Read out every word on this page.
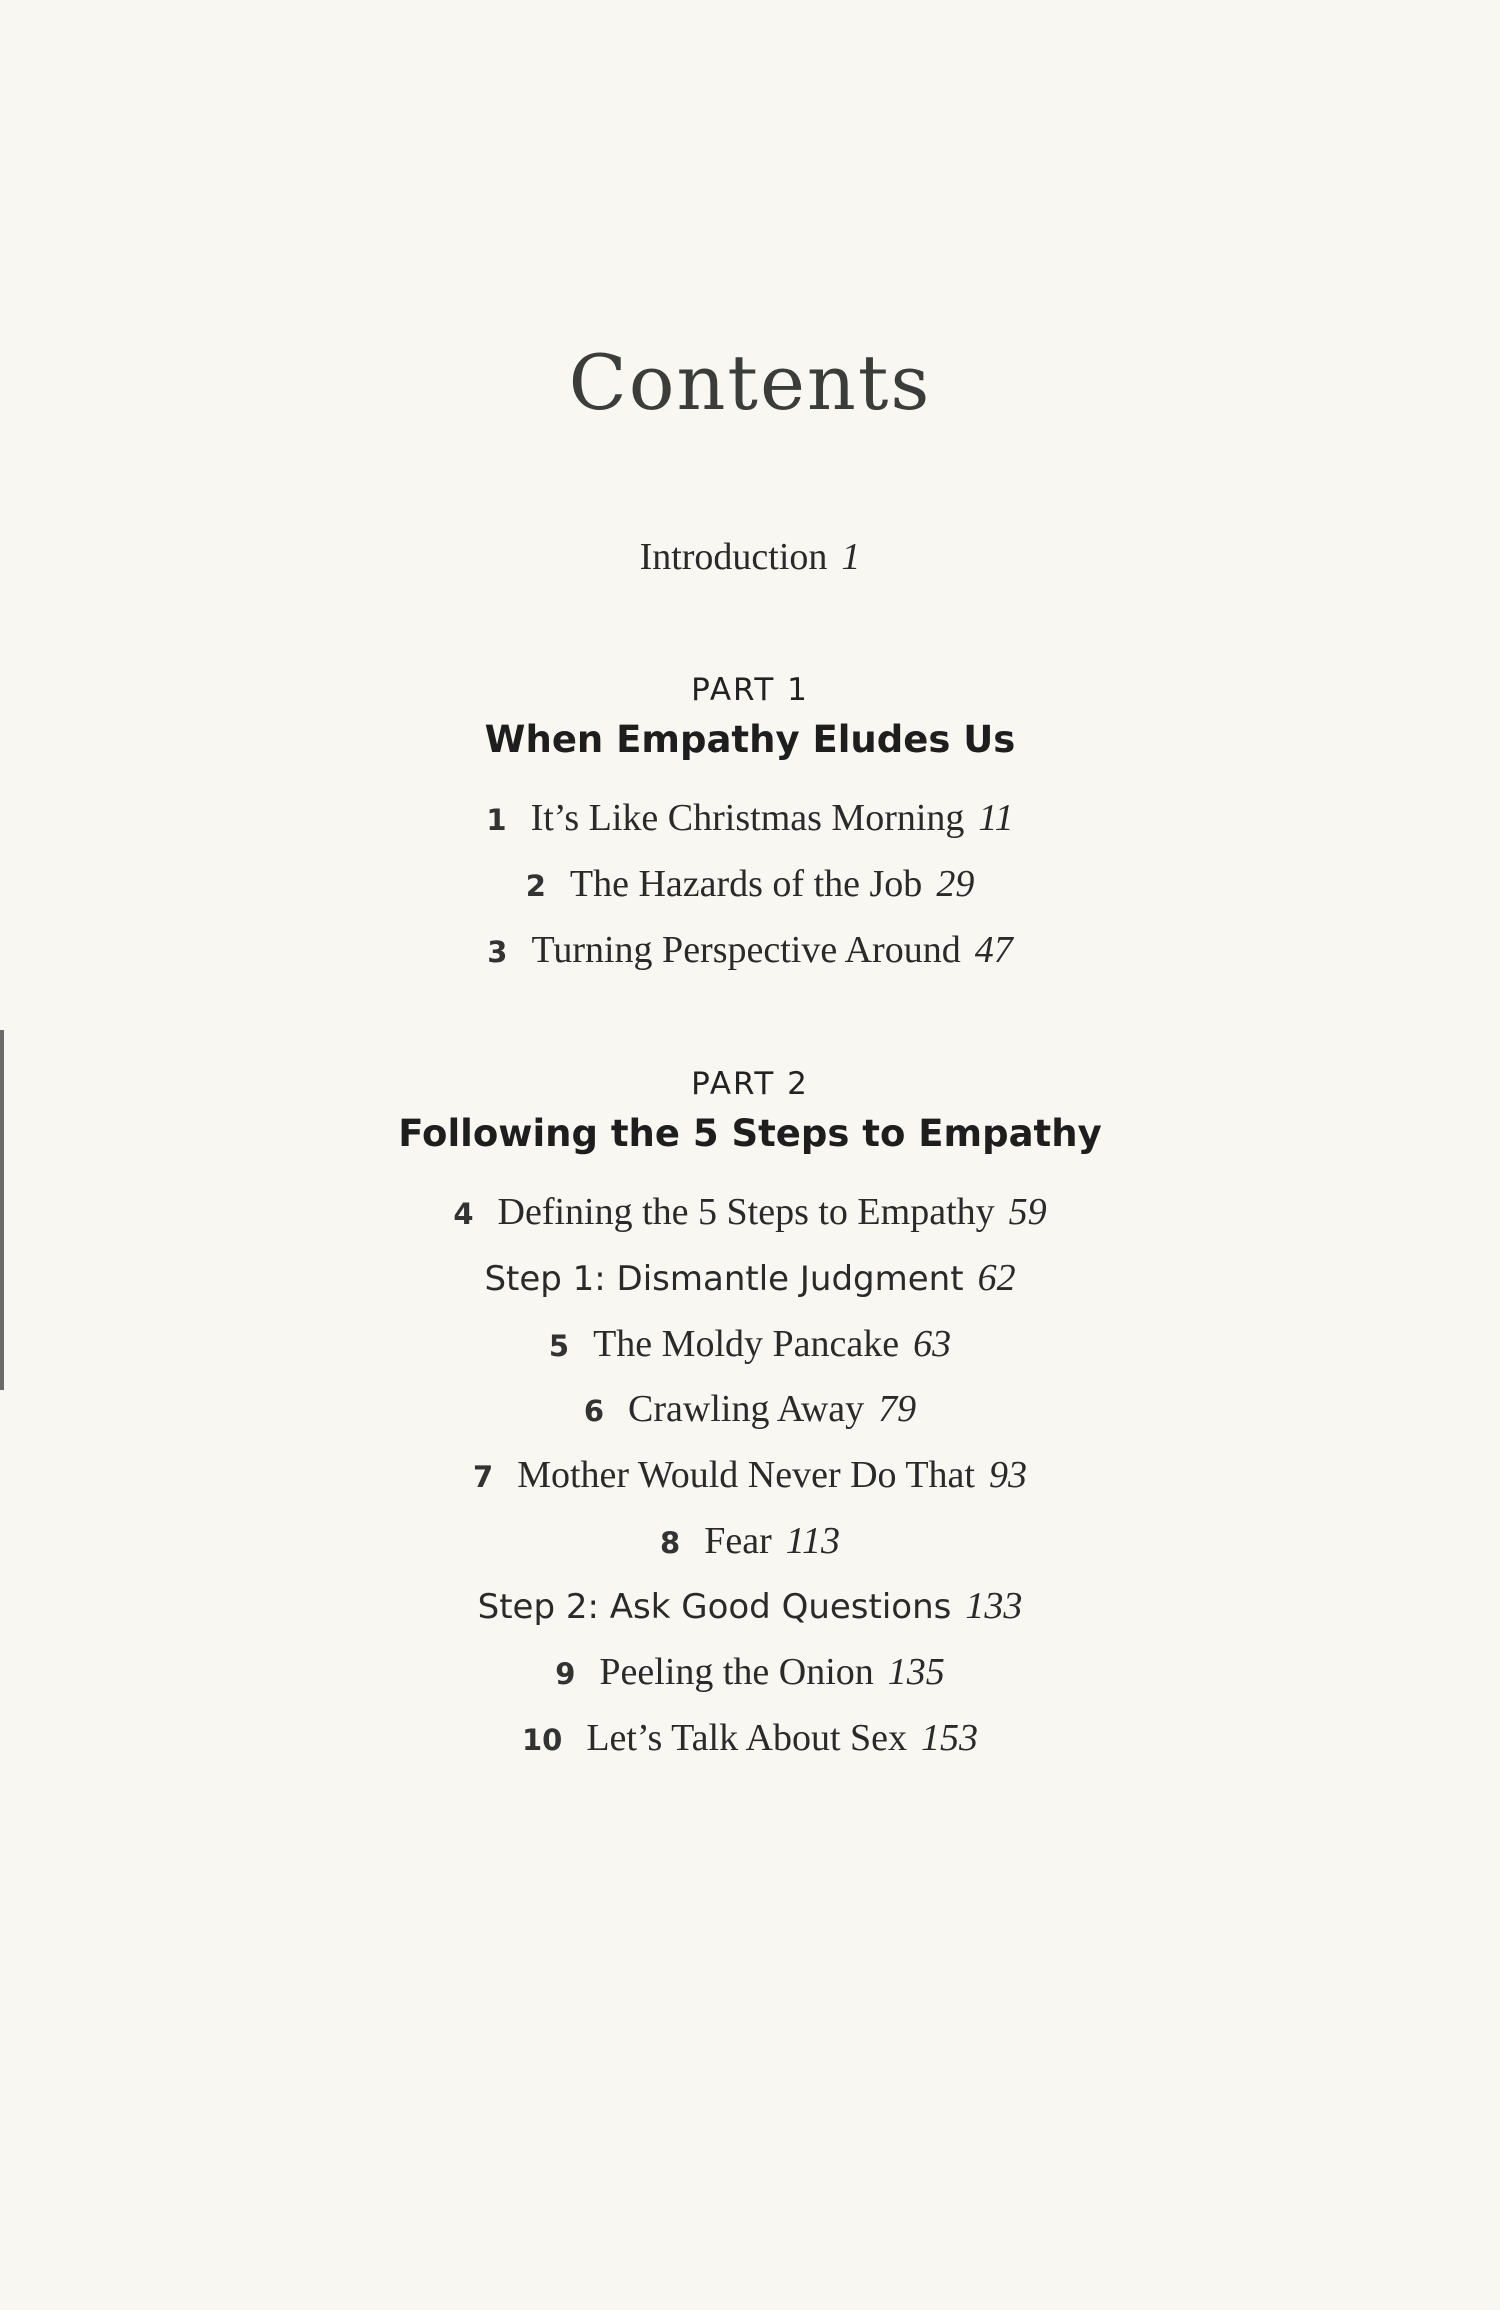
Contents
Introduction 1
PART 1
When Empathy Eludes Us
1 It’s Like Christmas Morning 11
2 The Hazards of the Job 29
3 Turning Perspective Around 47
PART 2
Following the 5 Steps to Empathy
4 Defining the 5 Steps to Empathy 59
Step 1: Dismantle Judgment 62
5 The Moldy Pancake 63
6 Crawling Away 79
7 Mother Would Never Do That 93
8 Fear 113
Step 2: Ask Good Questions 133
9 Peeling the Onion 135
10 Let’s Talk About Sex 153
